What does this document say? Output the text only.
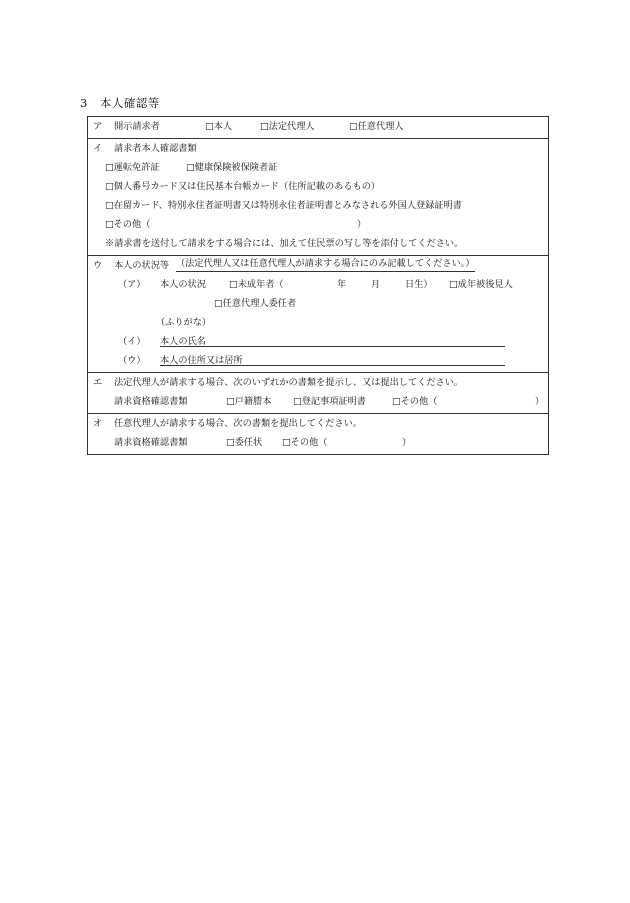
3 本人確認等
ア 開示請求者	□本人	□法定代理人	□任意代理人
イ 請求者本人確認書類
□運転免許証	□健康保険被保険者証
□個人番号カード又は住民基本台帳カード（住所記載のあるもの）
□在留カード、特別永住者証明書又は特別永住者証明書とみなされる外国人登録証明書
□その他（	）
※請求書を送付して請求をする場合には、加えて住民票の写し等を添付してください。
ウ 本人の状況等 （法定代理人又は任意代理人が請求する場合にのみ記載してください。）
（ア） 本人の状況	□未成年者（	年	月	日生） □成年被後見人
□任意代理人委任者
（ふりがな）
（イ） 本人の氏名
（ウ） 本人の住所又は居所
エ 法定代理人が請求する場合、次のいずれかの書類を提示し、又は提出してください。
請求資格確認書類	□戸籍謄本 □登記事項証明書	□その他（	）
オ 任意代理人が請求する場合、次の書類を提出してください。
請求資格確認書類	□委任状 □その他（	）
